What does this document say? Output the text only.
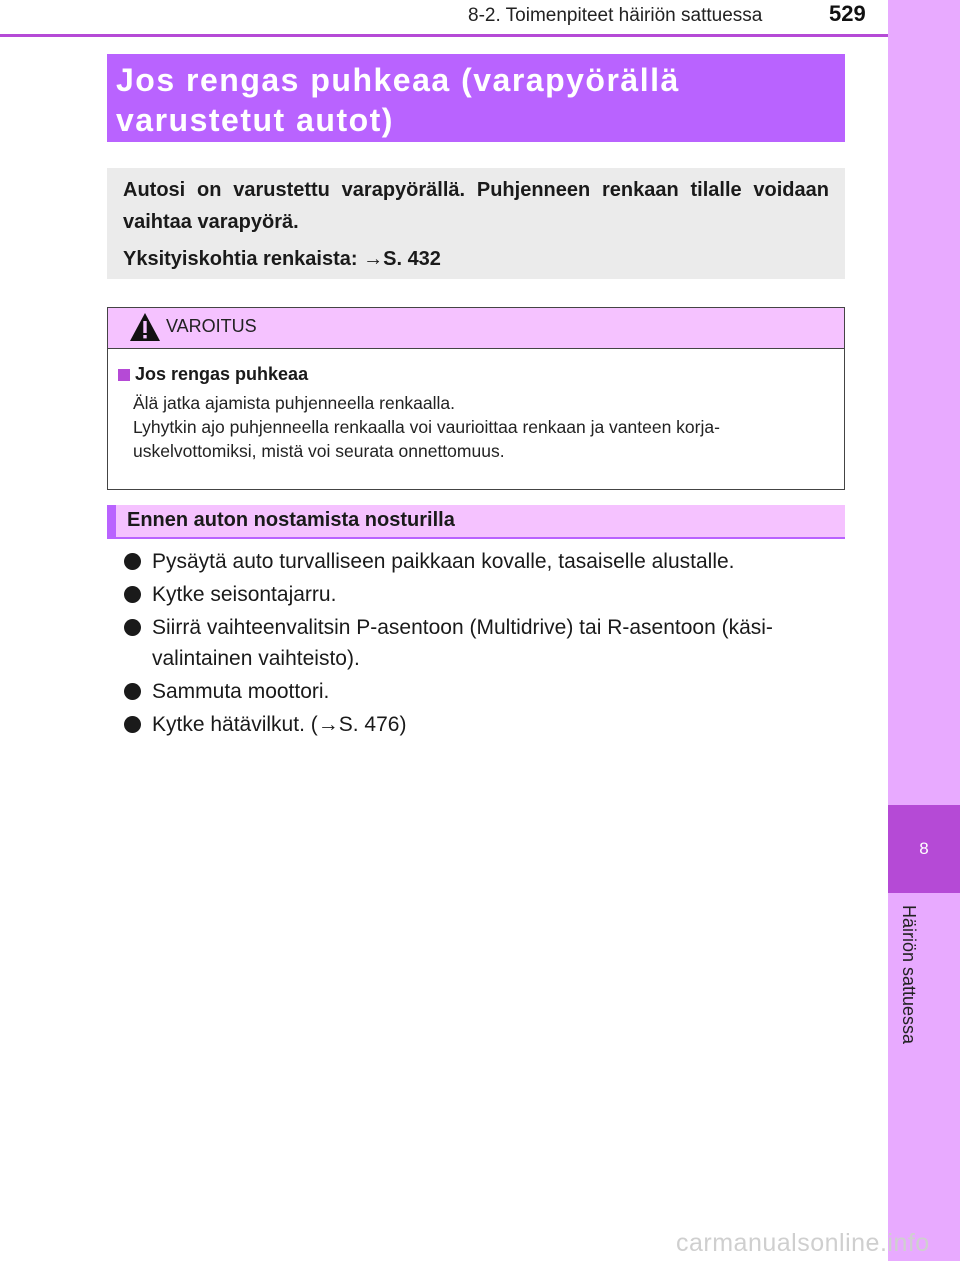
8-2. Toimenpiteet häiriön sattuessa	529
8
Häiriön sattuessa

Jos rengas puhkeaa (varapyörällä

varustetut autot)

Autosi on varustettu varapyörällä. Puhjenneen renkaan tilalle voidaan vaihtaa varapyörä.

Yksityiskohtia renkaista: →S. 432

VAROITUS

Jos rengas puhkeaa

Älä jatka ajamista puhjenneella renkaalla.
Lyhytkin ajo puhjenneella renkaalla voi vaurioittaa renkaan ja vanteen korja-
uskelvottomiksi, mistä voi seurata onnettomuus.

Ennen auton nostamista nosturilla
Pysäytä auto turvalliseen paikkaan kovalle, tasaiselle alustalle.
Kytke seisontajarru.
Siirrä vaihteenvalitsin P-asentoon (Multidrive) tai R-asentoon (käsi-valintainen vaihteisto).
Sammuta moottori.
Kytke hätävilkut. (→S. 476)
carmanualsonline.info
